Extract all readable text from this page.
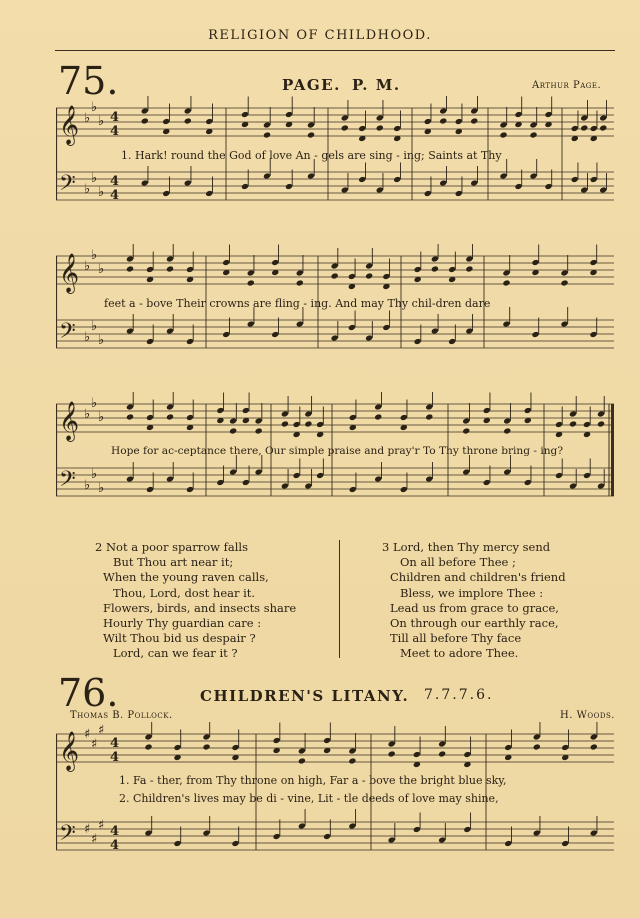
RELIGION OF CHILDHOOD.
75.	PAGE. P. M.	Arthur Page.
𝄞
𝄢
♭
♭
♭
♭
♭
♭
4
4
4
4
1. Hark! round the God of love An - gels are sing - ing; Saints at Thy
𝄞
𝄢
♭
♭
♭
♭
♭
♭
feet a - bove Their crowns are fling - ing. And may Thy chil-dren dare
𝄞
𝄢
♭
♭
♭
♭
♭
♭
Hope for ac-ceptance there, Our simple praise and pray'r To Thy throne bring - ing?
2 Not a poor sparrow falls
But Thou art near it;
When the young raven calls,
Thou, Lord, dost hear it.
Flowers, birds, and insects share
Hourly Thy guardian care :
Wilt Thou bid us despair ?
Lord, can we fear it ?
3 Lord, then Thy mercy send
On all before Thee ;
Children and children's friend
Bless, we implore Thee :
Lead us from grace to grace,
On through our earthly race,
Till all before Thy face
Meet to adore Thee.
76.	CHILDREN'S LITANY. 7.7.7.6.
Thomas B. Pollock.	H. Woods.
𝄞
𝄢
♯
♯
♯
♯
♯
♯
4
4
4
4
1. Fa - ther, from Thy throne on high, Far a - bove the bright blue sky,
2. Children's lives may be di - vine, Lit - tle deeds of love may shine,
